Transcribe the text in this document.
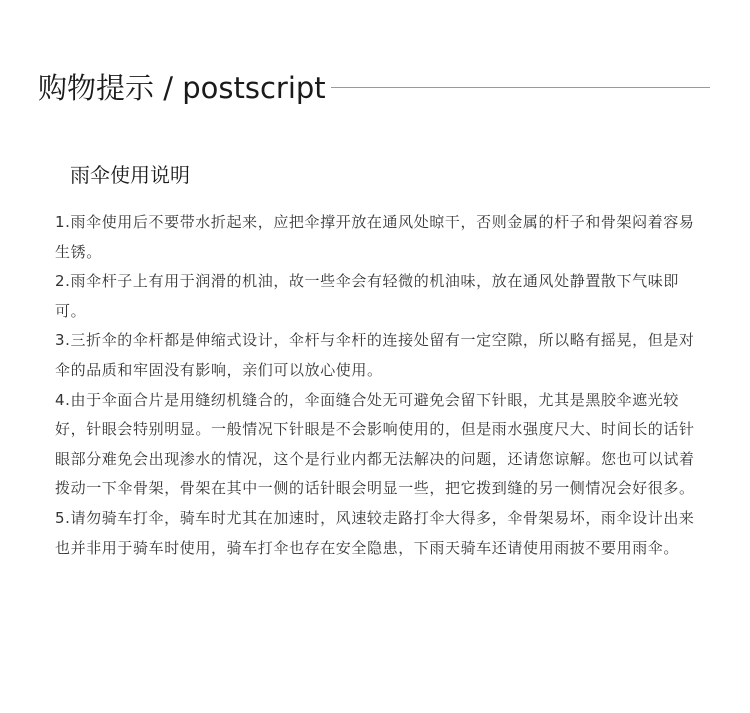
购物提示 / postscript
雨伞使用说明

1.雨伞使用后不要带水折起来，应把伞撑开放在通风处晾干，否则金属的杆子和骨架闷着容易生锈。

2.雨伞杆子上有用于润滑的机油，故一些伞会有轻微的机油味，放在通风处静置散下气味即可。

3.三折伞的伞杆都是伸缩式设计，伞杆与伞杆的连接处留有一定空隙，所以略有摇晃，但是对伞的品质和牢固没有影响，亲们可以放心使用。

4.由于伞面合片是用缝纫机缝合的，伞面缝合处无可避免会留下针眼，尤其是黑胶伞遮光较好，针眼会特别明显。一般情况下针眼是不会影响使用的，但是雨水强度尺大、时间长的话针眼部分难免会出现渗水的情况，这个是行业内都无法解决的问题，还请您谅解。您也可以试着拨动一下伞骨架，骨架在其中一侧的话针眼会明显一些，把它拨到缝的另一侧情况会好很多。

5.请勿骑车打伞，骑车时尤其在加速时，风速较走路打伞大得多，伞骨架易坏，雨伞设计出来也并非用于骑车时使用，骑车打伞也存在安全隐患，下雨天骑车还请使用雨披不要用雨伞。
